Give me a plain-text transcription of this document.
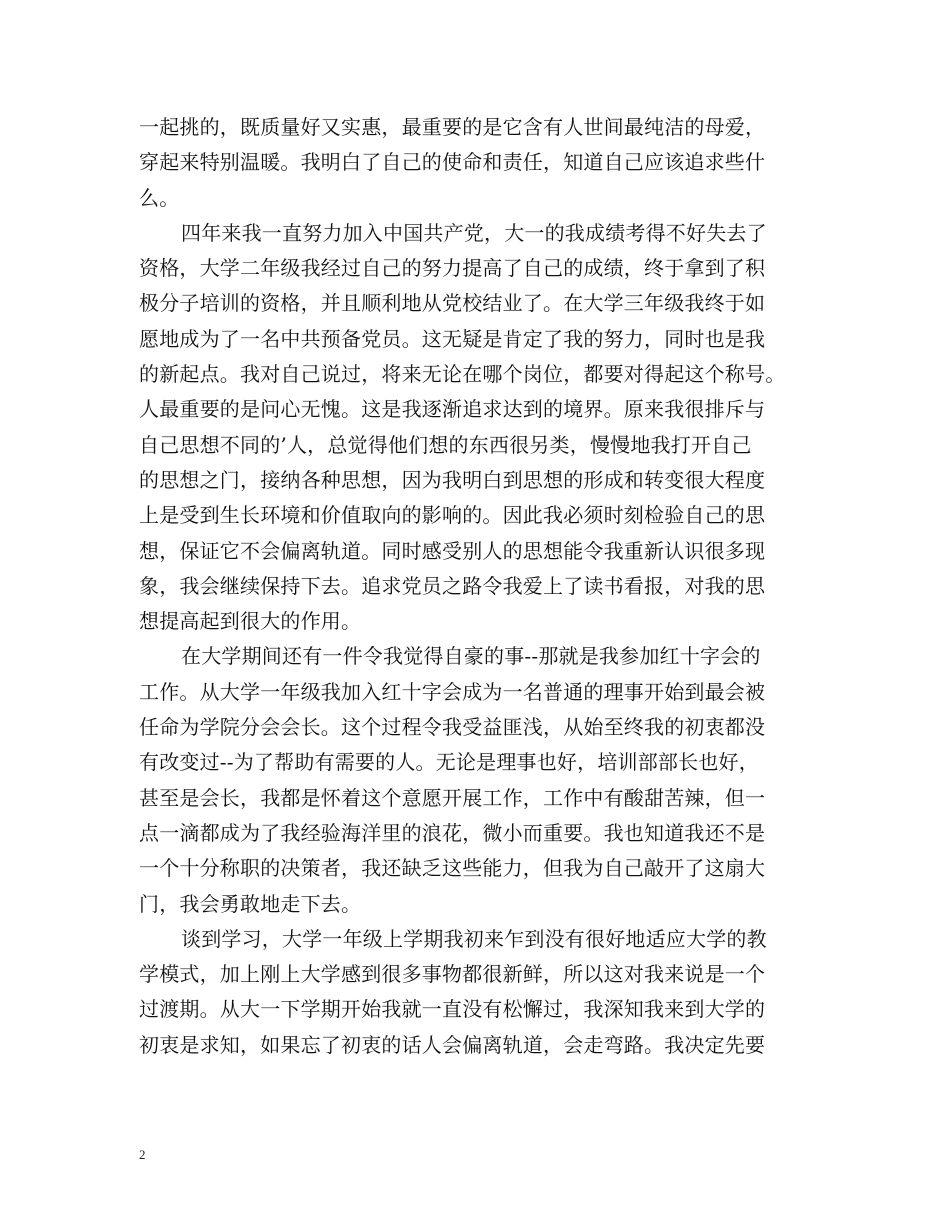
一起挑的，既质量好又实惠，最重要的是它含有人世间最纯洁的母爱，
穿起来特别温暖。我明白了自己的使命和责任，知道自己应该追求些什
么。
四年来我一直努力加入中国共产党，大一的我成绩考得不好失去了
资格，大学二年级我经过自己的努力提高了自己的成绩，终于拿到了积
极分子培训的资格，并且顺利地从党校结业了。在大学三年级我终于如
愿地成为了一名中共预备党员。这无疑是肯定了我的努力，同时也是我
的新起点。我对自己说过，将来无论在哪个岗位，都要对得起这个称号。
人最重要的是问心无愧。这是我逐渐追求达到的境界。原来我很排斥与
自己思想不同的’人，总觉得他们想的东西很另类，慢慢地我打开自己
的思想之门，接纳各种思想，因为我明白到思想的形成和转变很大程度
上是受到生长环境和价值取向的影响的。因此我必须时刻检验自己的思
想，保证它不会偏离轨道。同时感受别人的思想能令我重新认识很多现
象，我会继续保持下去。追求党员之路令我爱上了读书看报，对我的思
想提高起到很大的作用。
在大学期间还有一件令我觉得自豪的事--那就是我参加红十字会的
工作。从大学一年级我加入红十字会成为一名普通的理事开始到最会被
任命为学院分会会长。这个过程令我受益匪浅，从始至终我的初衷都没
有改变过--为了帮助有需要的人。无论是理事也好，培训部部长也好，
甚至是会长，我都是怀着这个意愿开展工作，工作中有酸甜苦辣，但一
点一滴都成为了我经验海洋里的浪花，微小而重要。我也知道我还不是
一个十分称职的决策者，我还缺乏这些能力，但我为自己敲开了这扇大
门，我会勇敢地走下去。
谈到学习，大学一年级上学期我初来乍到没有很好地适应大学的教
学模式，加上刚上大学感到很多事物都很新鲜，所以这对我来说是一个
过渡期。从大一下学期开始我就一直没有松懈过，我深知我来到大学的
初衷是求知，如果忘了初衷的话人会偏离轨道，会走弯路。我决定先要
2
